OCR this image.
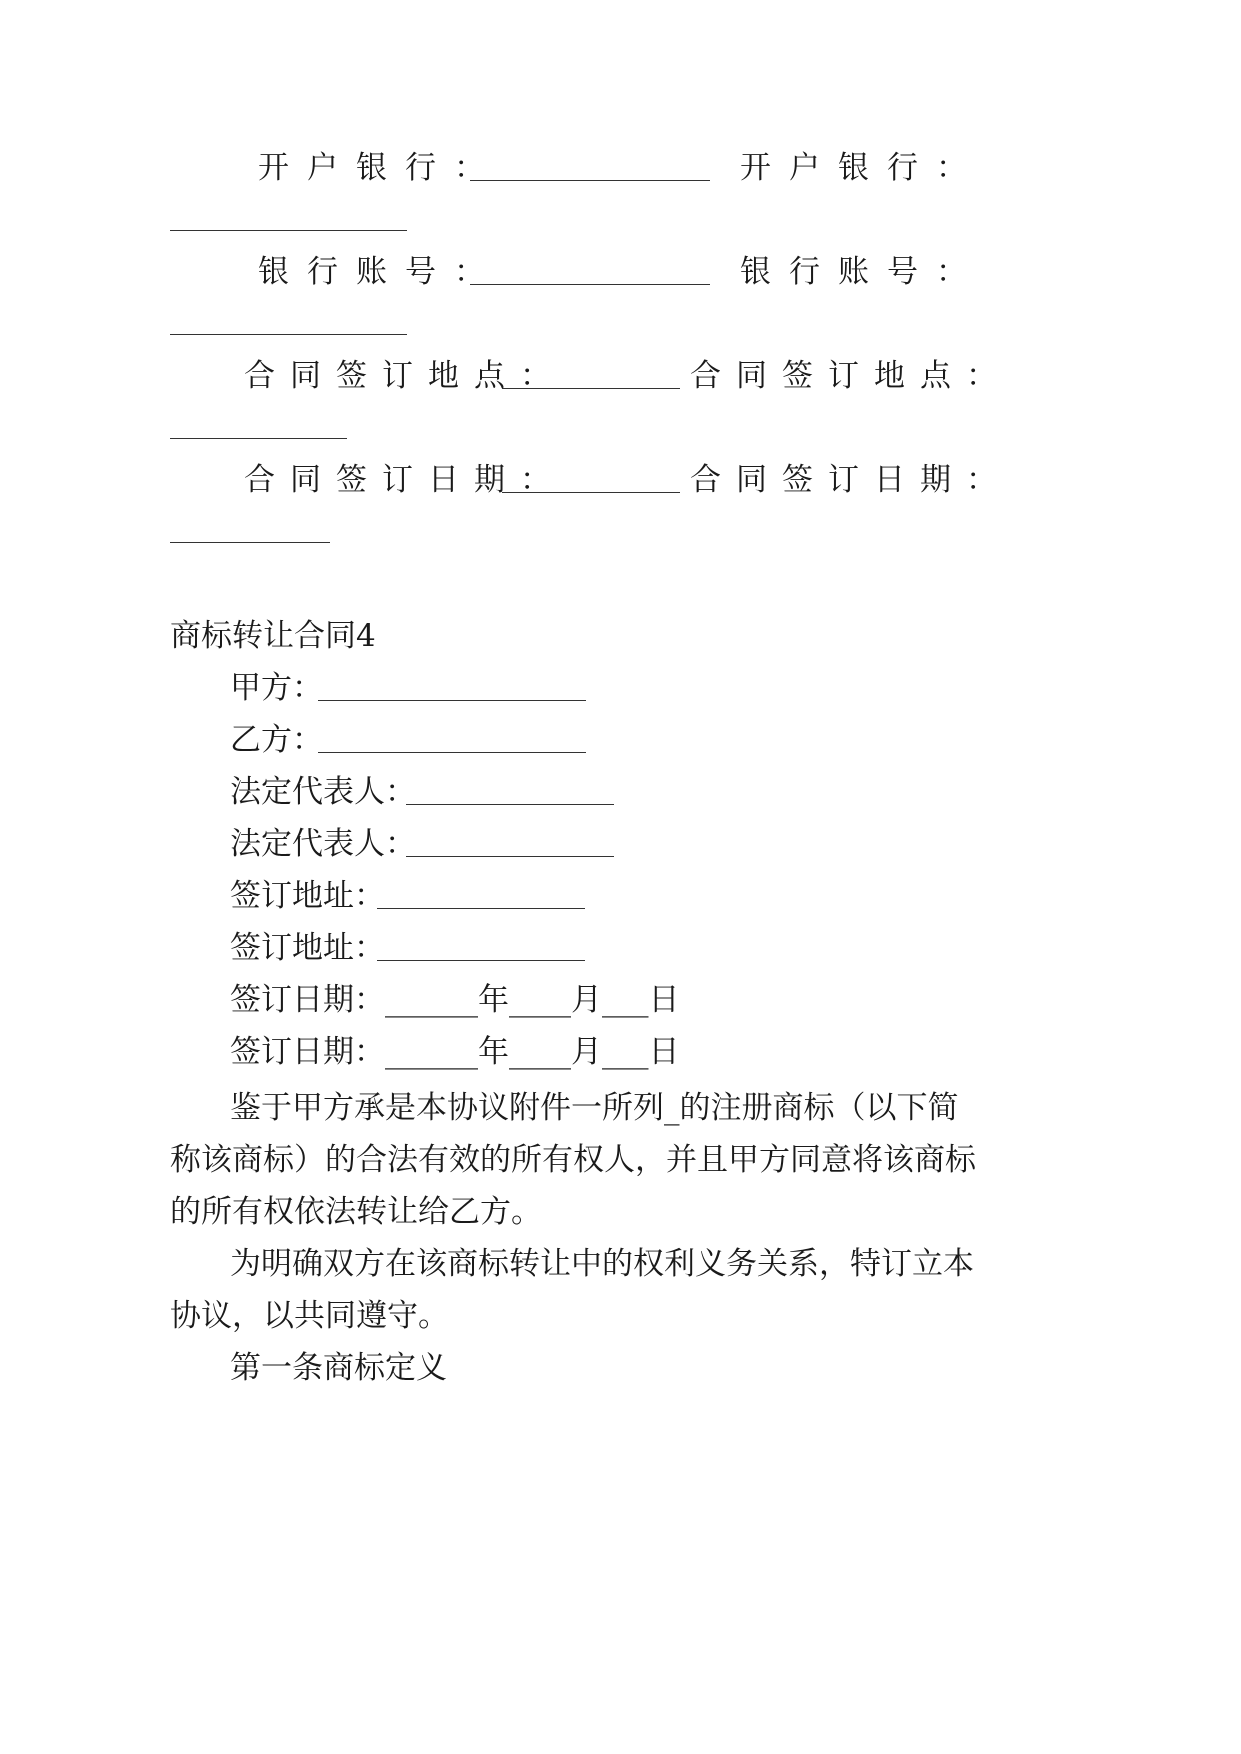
开户银行：	开户银行：
银行账号：	银行账号：
合同签订地点：	合同签订地点：
合同签订日期：	合同签订日期：
商标转让合同4
甲方：
乙方：
法定代表人：
法定代表人：
签订地址：
签订地址：
签订日期：______年____月___日
签订日期：______年____月___日
鉴于甲方承是本协议附件一所列_的注册商标（以下简
称该商标）的合法有效的所有权人，并且甲方同意将该商标
的所有权依法转让给乙方。
为明确双方在该商标转让中的权利义务关系，特订立本
协议，以共同遵守。
第一条商标定义
